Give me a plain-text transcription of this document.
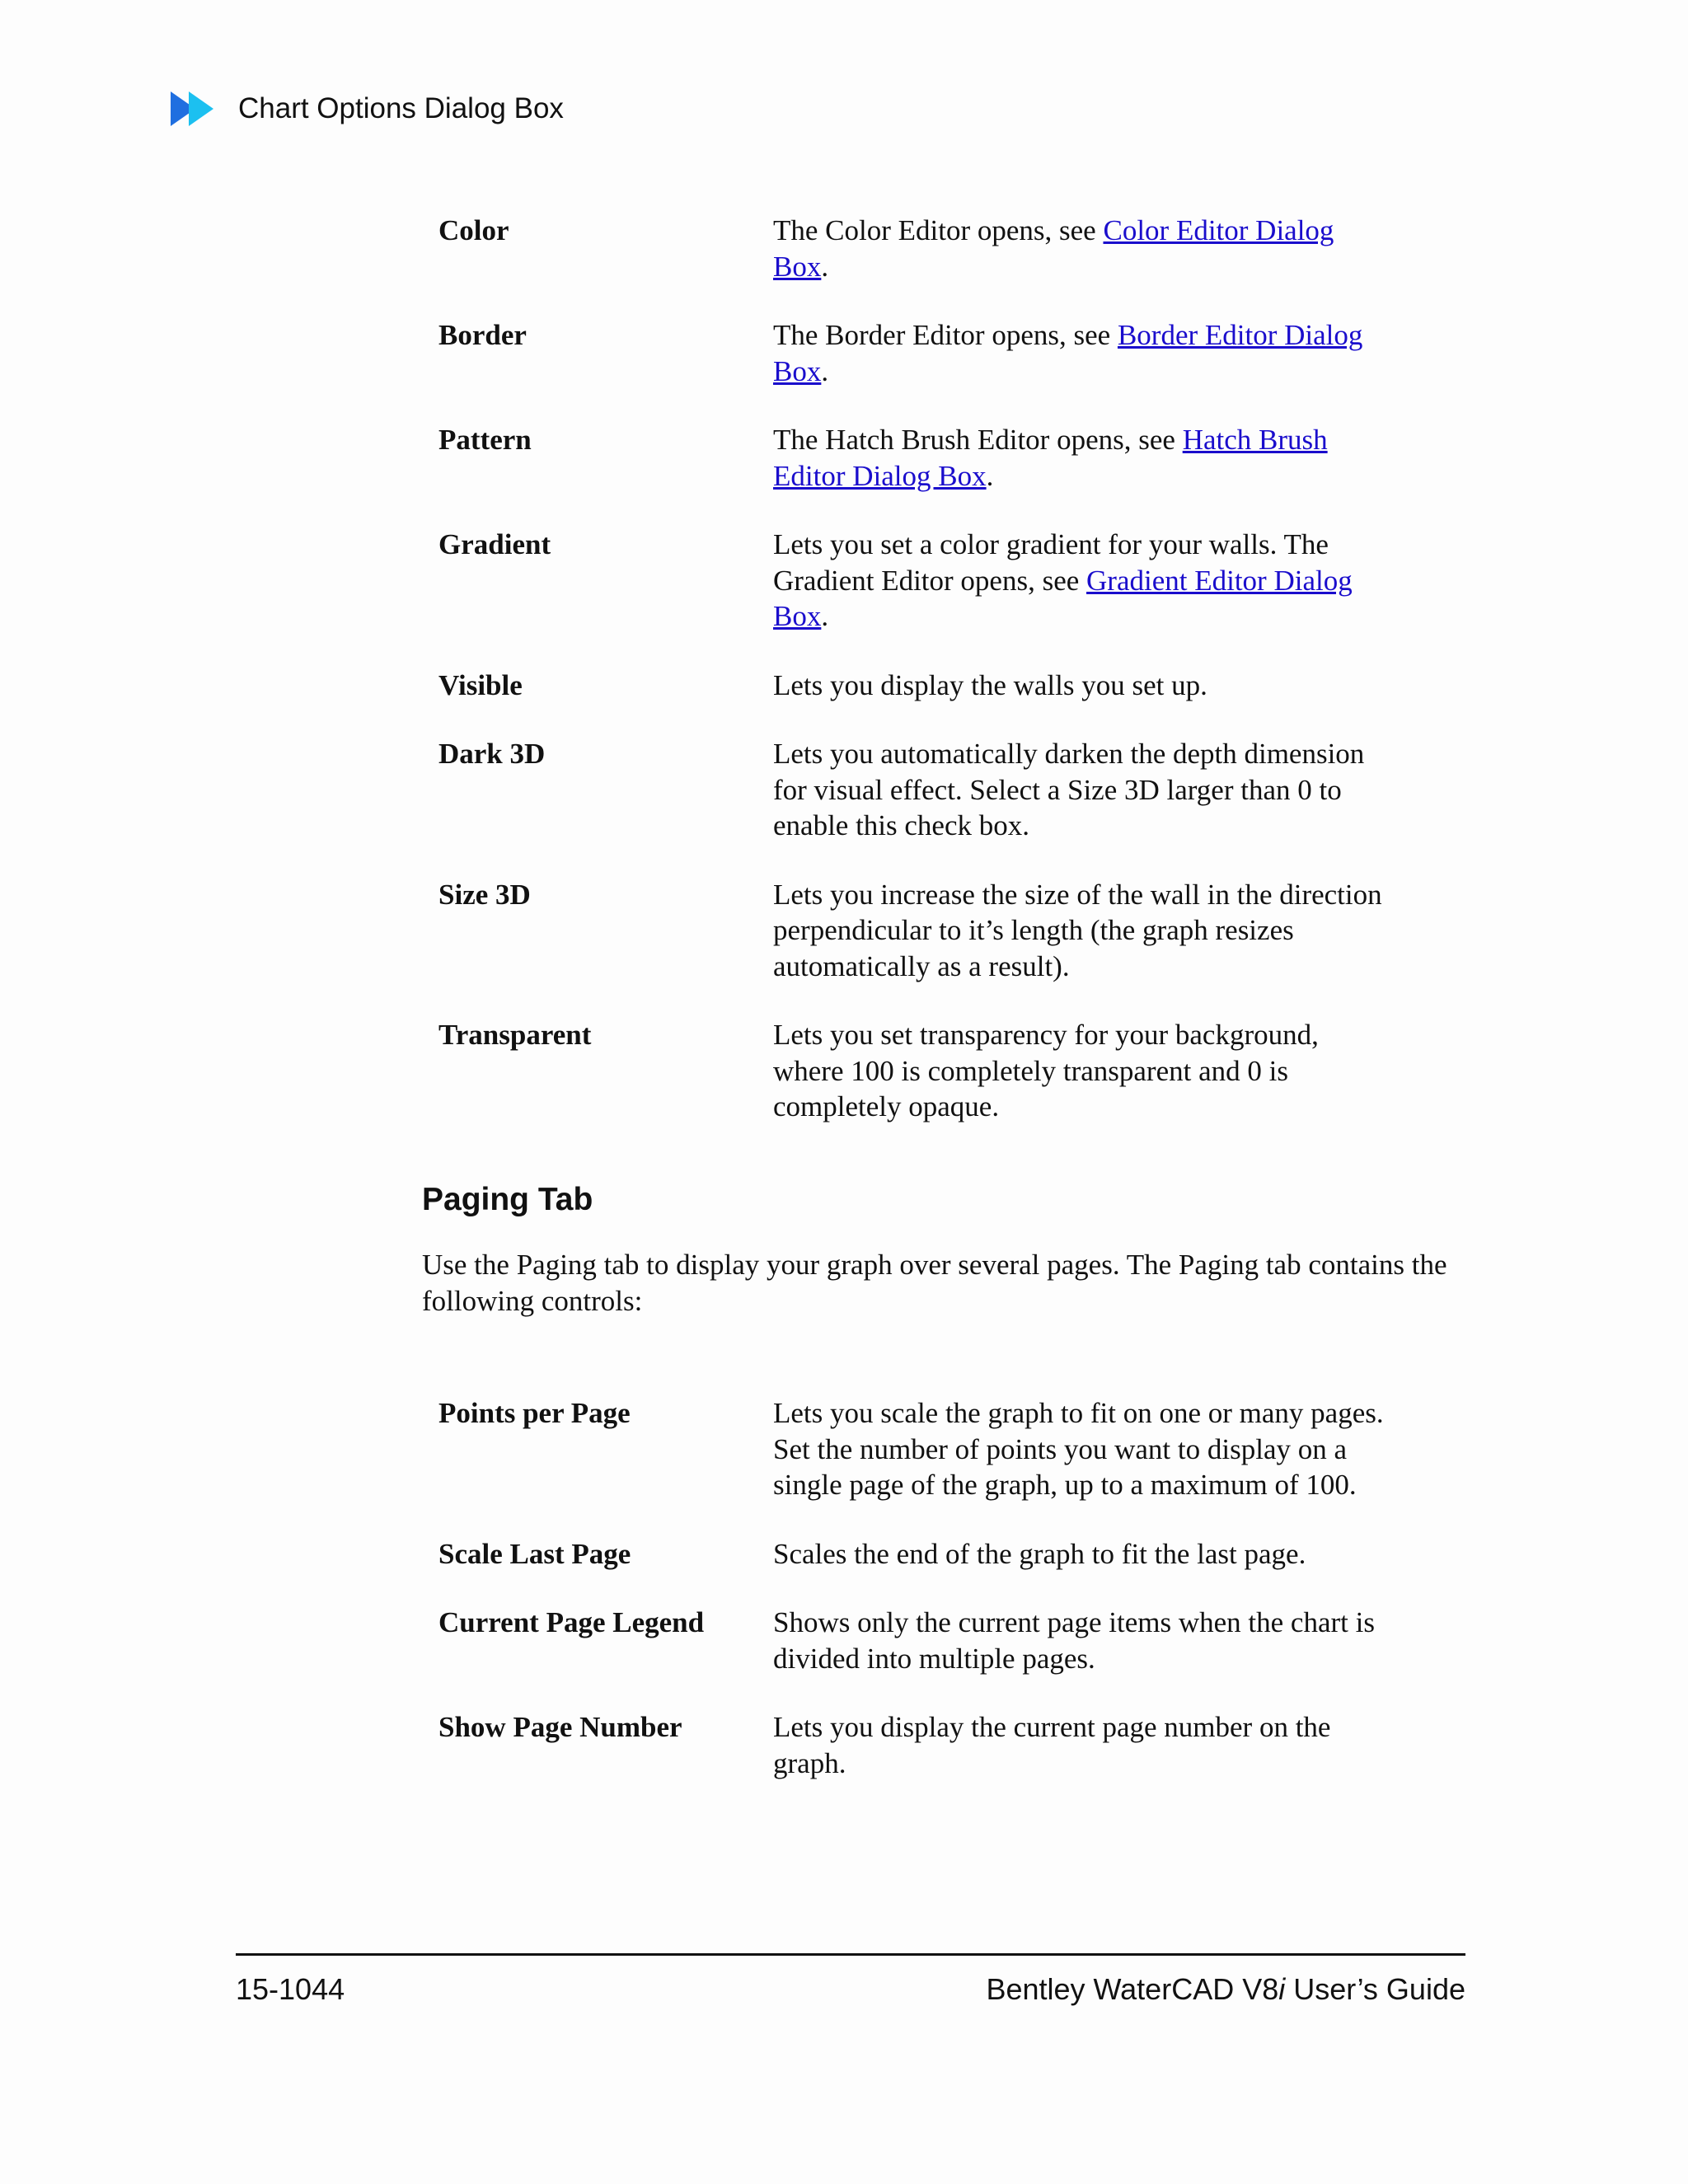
Chart Options Dialog Box
Color	The Color Editor opens, see Color Editor Dialog Box.
Border	The Border Editor opens, see Border Editor Dialog Box.
Pattern	The Hatch Brush Editor opens, see Hatch Brush Editor Dialog Box.
Gradient	Lets you set a color gradient for your walls. The Gradient Editor opens, see Gradient Editor Dialog Box.
Visible	Lets you display the walls you set up.
Dark 3D	Lets you automatically darken the depth dimension for visual effect. Select a Size 3D larger than 0 to enable this check box.
Size 3D	Lets you increase the size of the wall in the direction perpendicular to it’s length (the graph resizes automatically as a result).
Transparent	Lets you set transparency for your background, where 100 is completely transparent and 0 is completely opaque.
Paging Tab
Use the Paging tab to display your graph over several pages. The Paging tab contains the following controls:
Points per Page	Lets you scale the graph to fit on one or many pages. Set the number of points you want to display on a single page of the graph, up to a maximum of 100.
Scale Last Page	Scales the end of the graph to fit the last page.
Current Page Legend	Shows only the current page items when the chart is divided into multiple pages.
Show Page Number	Lets you display the current page number on the graph.
15-1044	Bentley WaterCAD V8i User’s Guide
